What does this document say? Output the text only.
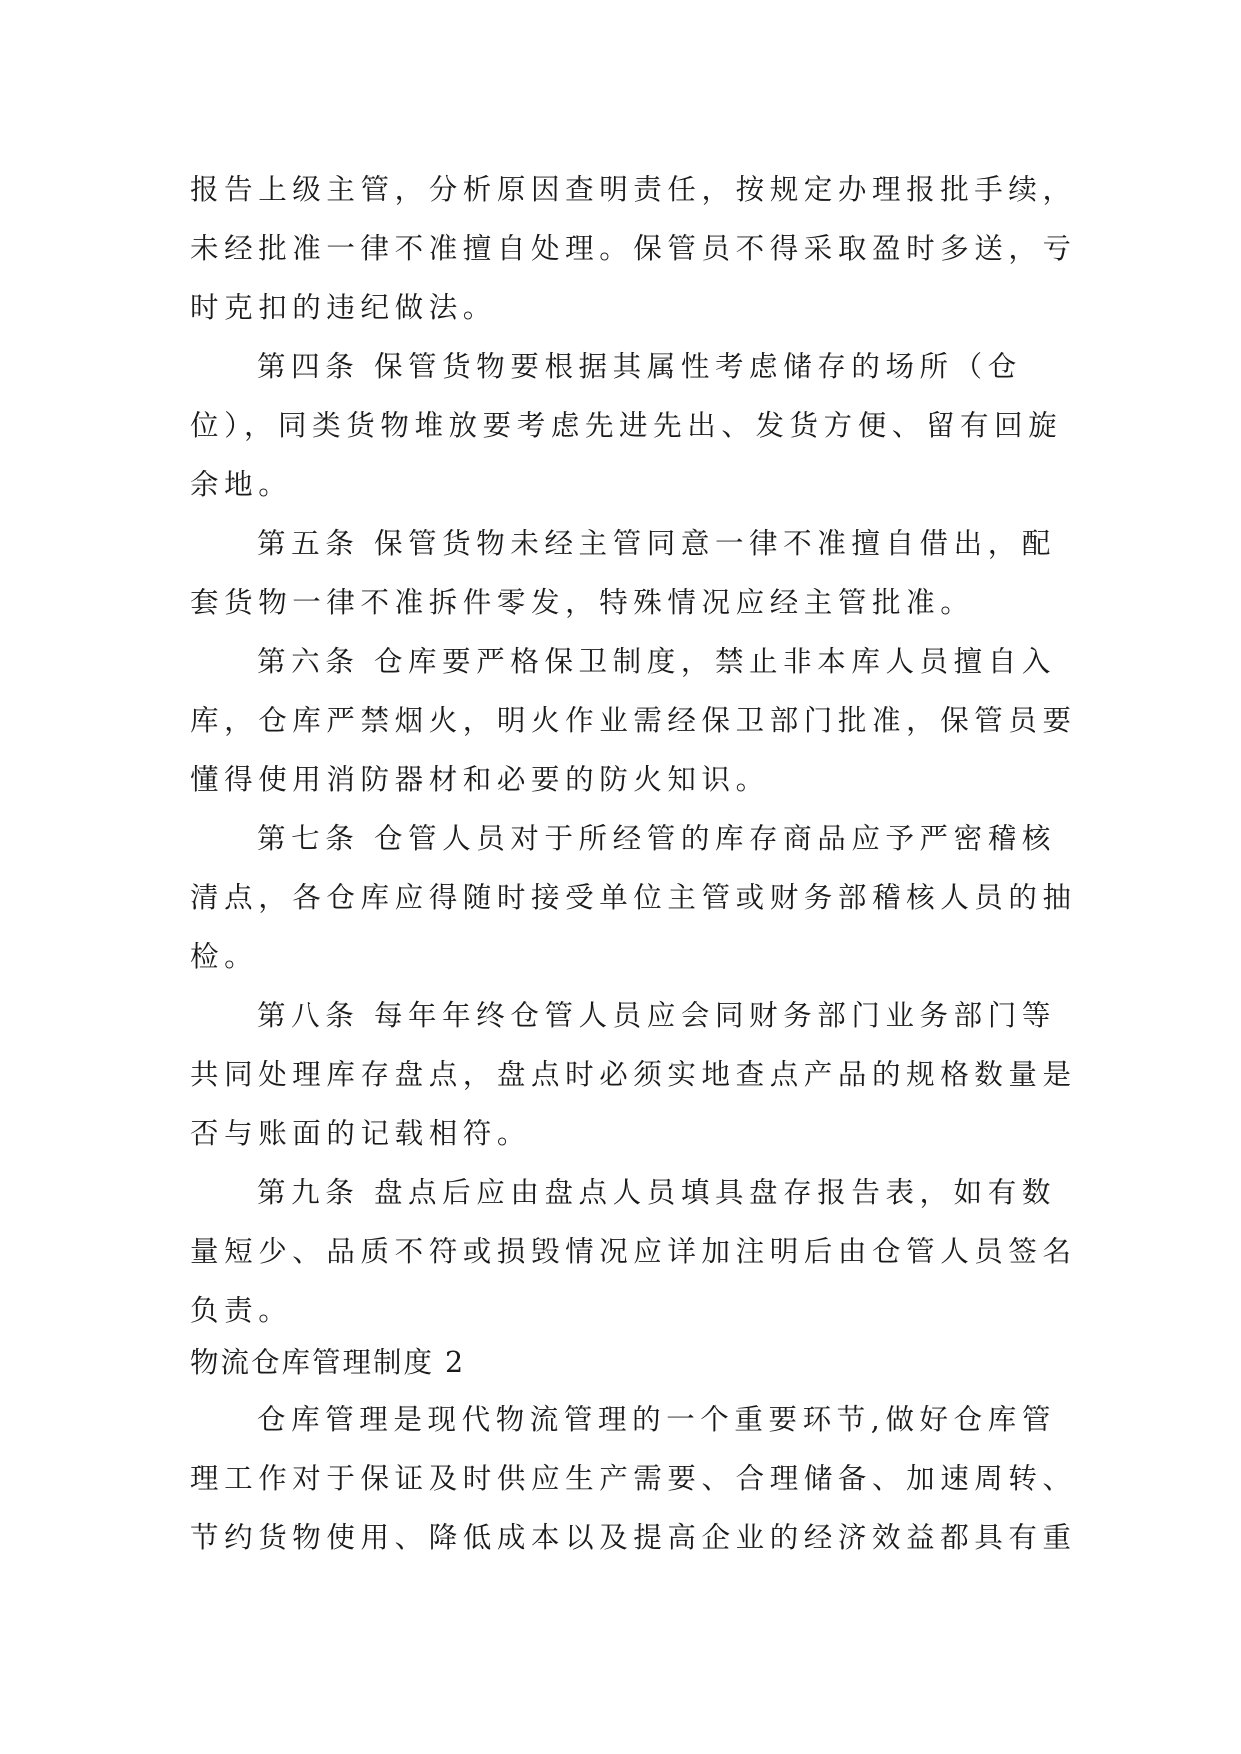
报告上级主管，分析原因查明责任，按规定办理报批手续，
未经批准一律不准擅自处理。保管员不得采取盈时多送，亏
时克扣的违纪做法。
第四条 保管货物要根据其属性考虑储存的场所（仓
位），同类货物堆放要考虑先进先出、发货方便、留有回旋
余地。
第五条 保管货物未经主管同意一律不准擅自借出，配
套货物一律不准拆件零发，特殊情况应经主管批准。
第六条 仓库要严格保卫制度，禁止非本库人员擅自入
库，仓库严禁烟火，明火作业需经保卫部门批准，保管员要
懂得使用消防器材和必要的防火知识。
第七条 仓管人员对于所经管的库存商品应予严密稽核
清点，各仓库应得随时接受单位主管或财务部稽核人员的抽
检。
第八条 每年年终仓管人员应会同财务部门业务部门等
共同处理库存盘点，盘点时必须实地查点产品的规格数量是
否与账面的记载相符。
第九条 盘点后应由盘点人员填具盘存报告表，如有数
量短少、品质不符或损毁情况应详加注明后由仓管人员签名
负责。
物流仓库管理制度 2
仓库管理是现代物流管理的一个重要环节,做好仓库管
理工作对于保证及时供应生产需要、合理储备、加速周转、
节约货物使用、降低成本以及提高企业的经济效益都具有重
